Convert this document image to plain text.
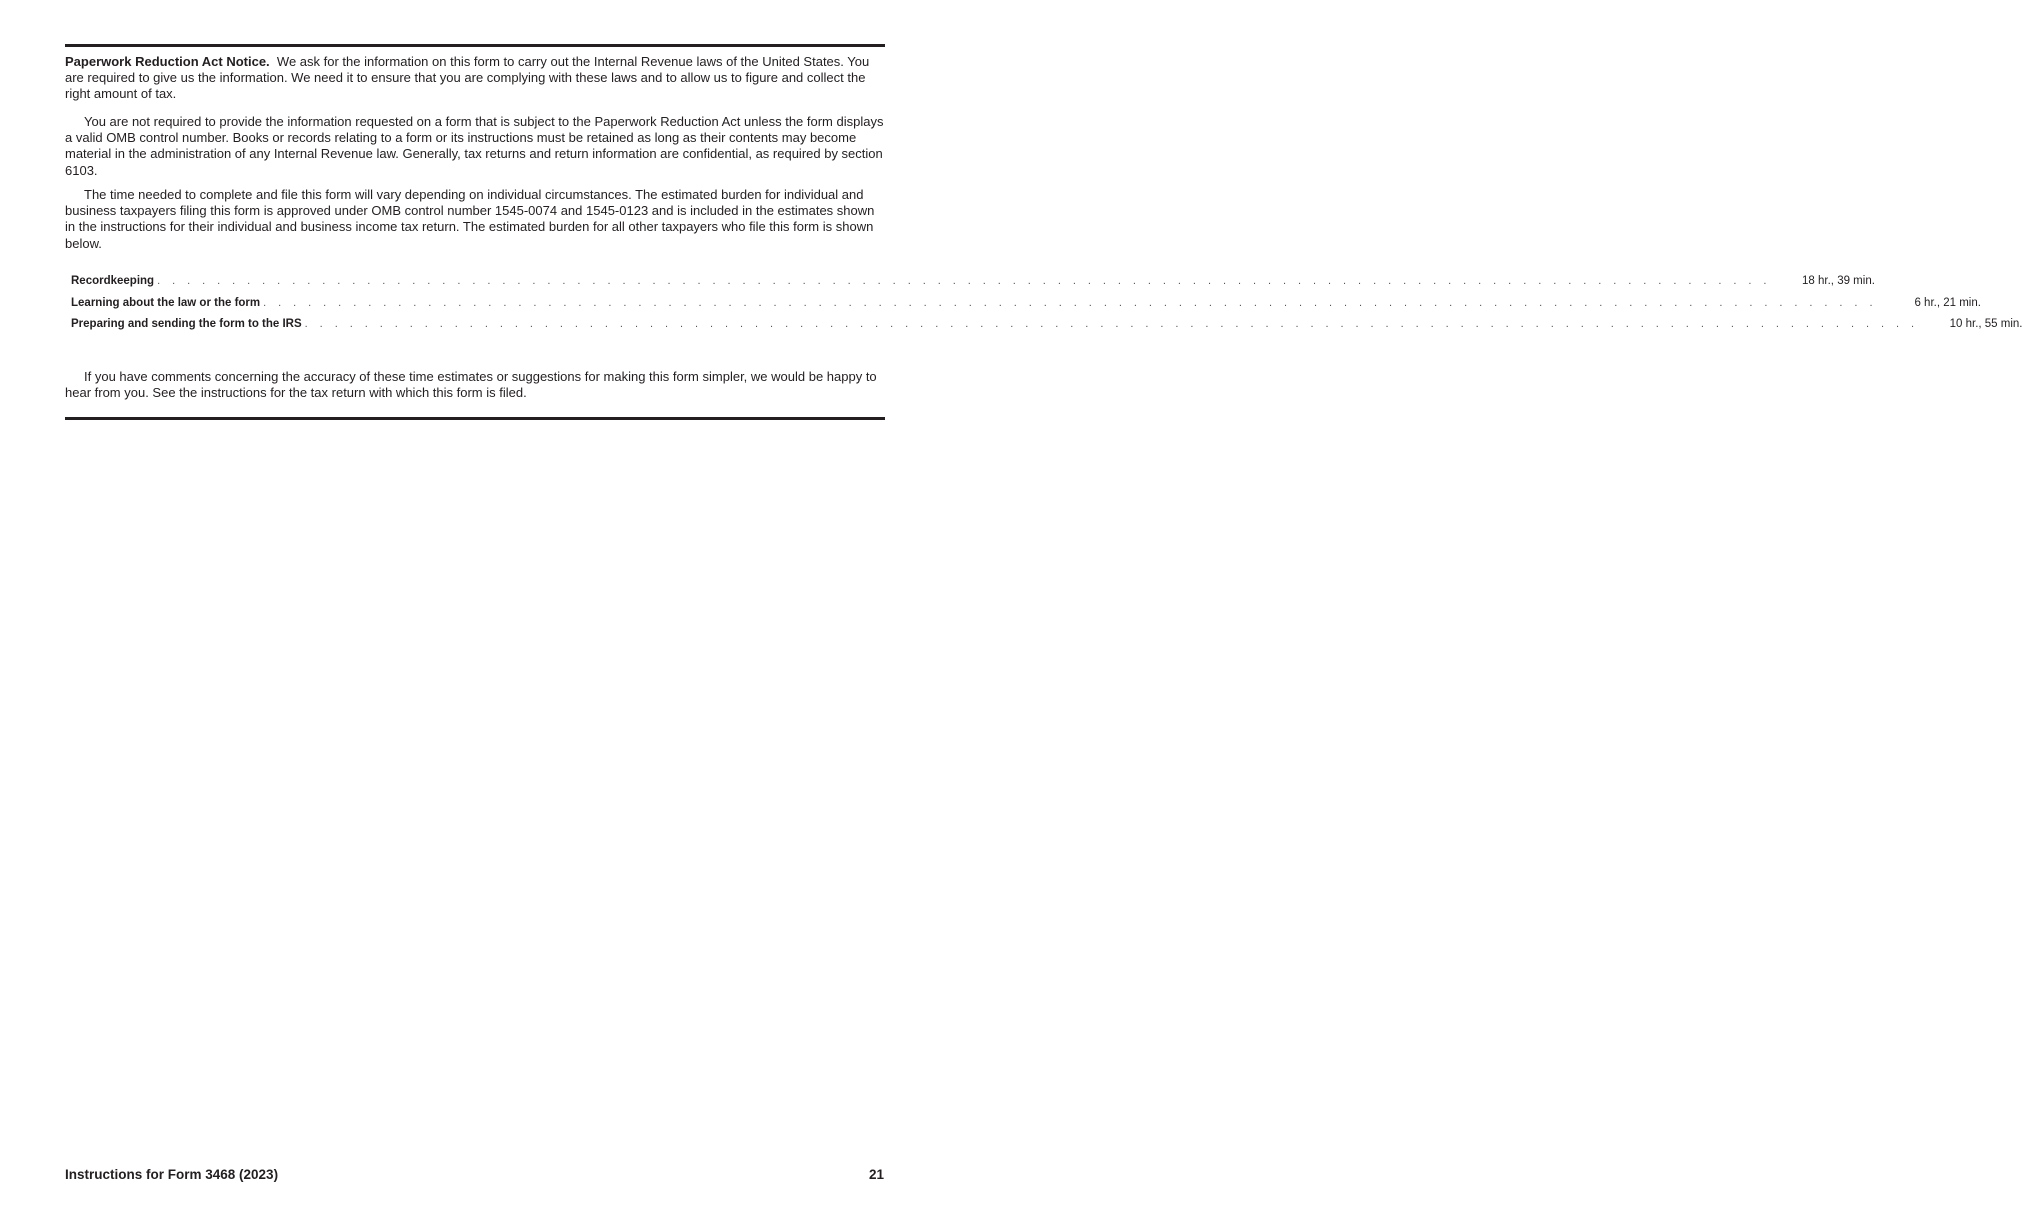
Paperwork Reduction Act Notice. We ask for the information on this form to carry out the Internal Revenue laws of the United States. You are required to give us the information. We need it to ensure that you are complying with these laws and to allow us to figure and collect the right amount of tax.

You are not required to provide the information requested on a form that is subject to the Paperwork Reduction Act unless the form displays a valid OMB control number. Books or records relating to a form or its instructions must be retained as long as their contents may become material in the administration of any Internal Revenue law. Generally, tax returns and return information are confidential, as required by section 6103.

The time needed to complete and file this form will vary depending on individual circumstances. The estimated burden for individual and business taxpayers filing this form is approved under OMB control number 1545-0074 and 1545-0123 and is included in the estimates shown in the instructions for their individual and business income tax return. The estimated burden for all other taxpayers who file this form is shown below.

Recordkeeping . . . . . . . . . . . . . . . . . . . . . . . . . . . . . . . . . . . . . . . . . . . . . . . . . . . . . . . . . . . . . . . . . . . . . . . . . . . . . . . . . . . . . . . . . . . . . . . . . . . . . . . . . . . .	18 hr., 39 min.
Learning about the law or the form . . . . . . . . . . . . . . . . . . . . . . . . . . . . . . . . . . . . . . . . . . . . . . . . . . . . . . . . . . . . . . . . . . . . . . . . . . . . . . . . . . . . . . . . . . . . . . . . . . . . . . . . . . . .	6 hr., 21 min.
Preparing and sending the form to the IRS . . . . . . . . . . . . . . . . . . . . . . . . . . . . . . . . . . . . . . . . . . . . . . . . . . . . . . . . . . . . . . . . . . . . . . . . . . . . . . . . . . . . . . . . . . . . . . . . . . . . . . . . . . . .	10 hr., 55 min.

If you have comments concerning the accuracy of these time estimates or suggestions for making this form simpler, we would be happy to hear from you. See the instructions for the tax return with which this form is filed.

Instructions for Form 3468 (2023)	21
